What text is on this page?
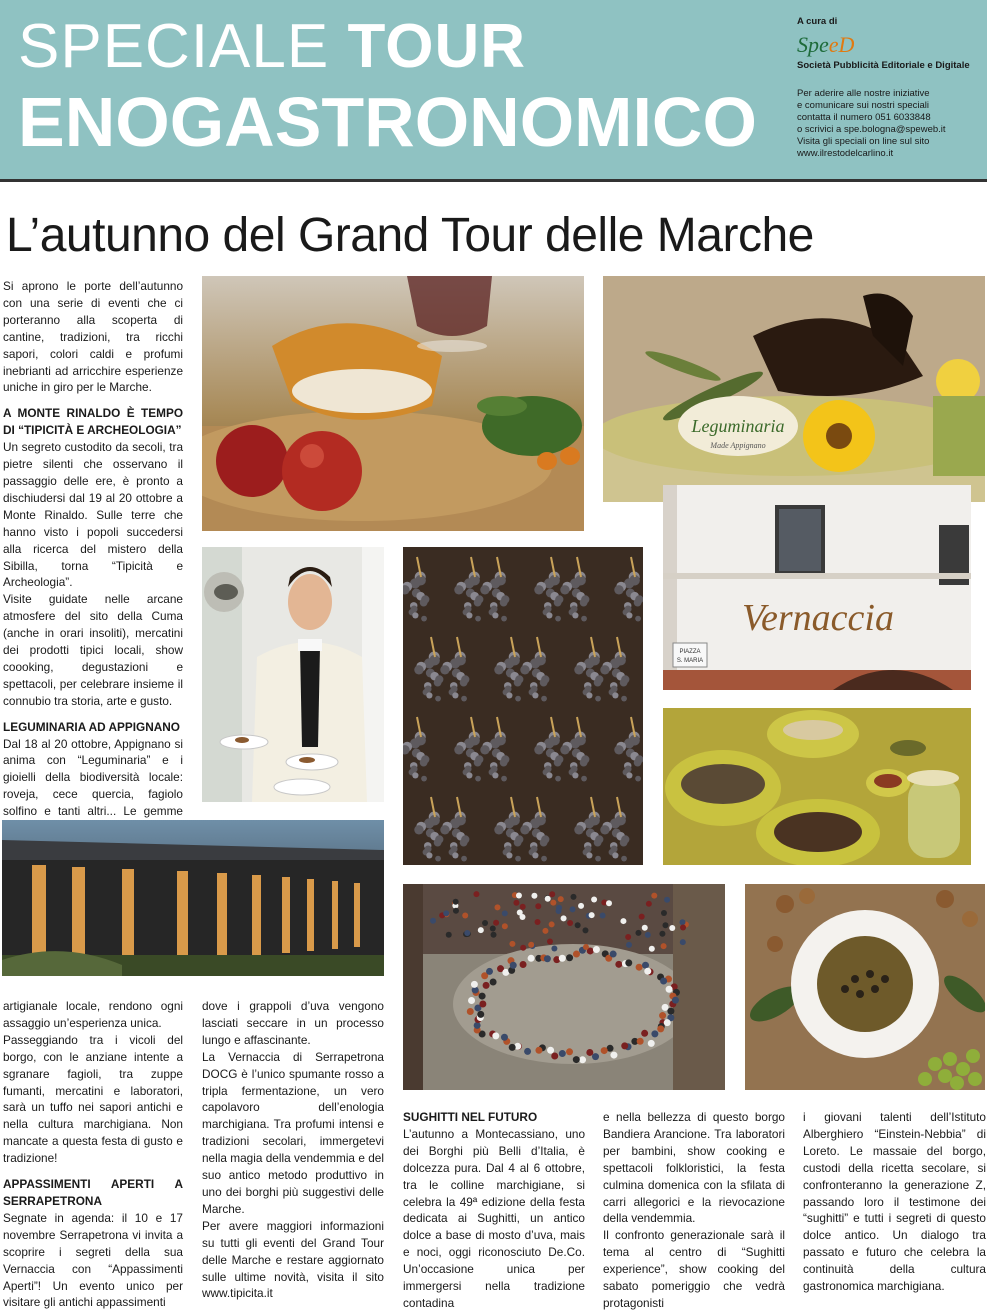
SPECIALE TOUR
ENOGASTRONOMICO
A cura di
SpeeD
Società Pubblicità Editoriale e Digitale
Per aderire alle nostre iniziative
e comunicare sui nostri speciali
contatta il numero 051 6033848
o scrivici a spe.bologna@speweb.it
Visita gli speciali on line sul sito
www.ilrestodelcarlino.it
L’autunno del Grand Tour delle Marche

Si aprono le porte dell’autunno con una serie di eventi che ci porteranno alla scoperta di cantine, tradizioni, tra ricchi sapori, colori caldi e profumi inebrianti ad arricchire esperienze uniche in giro per le Marche.

A MONTE RINALDO È TEMPO DI “TIPICITÀ E ARCHEOLOGIA”

Un segreto custodito da secoli, tra pietre silenti che osservano il passaggio delle ere, è pronto a dischiudersi dal 19 al 20 ottobre a Monte Rinaldo. Sulle terre che hanno visto i popoli succedersi alla ricerca del mistero della Sibilla, torna “Tipicità e Archeologia”.

Visite guidate nelle arcane atmosfere del sito della Cuma (anche in orari insoliti), mercatini dei prodotti tipici locali, show coooking, degustazioni e spettacoli, per celebrare insieme il connubio tra storia, arte e gusto.

LEGUMINARIA AD APPIGNANO

Dal 18 al 20 ottobre, Appignano si anima con “Leguminaria” e i gioielli della biodiversità locale: roveja, cece quercia, fagiolo solfino e tanti altri... Le gemme

artigianale locale, rendono ogni assaggio un’esperienza unica.

Passeggiando tra i vicoli del borgo, con le anziane intente a sgranare fagioli, tra zuppe fumanti, mercatini e laboratori, sarà un tuffo nei sapori antichi e nella cultura marchigiana. Non mancate a questa festa di gusto e tradizione!

APPASSIMENTI APERTI A SERRAPETRONA

Segnate in agenda: il 10 e 17 novembre Serrapetrona vi invita a scoprire i segreti della sua Vernaccia con “Appassimenti Aperti”! Un evento unico per visitare gli antichi appassimenti

dove i grappoli d’uva vengono lasciati seccare in un processo lungo e affascinante.

La Vernaccia di Serrapetrona DOCG è l’unico spumante rosso a tripla fermentazione, un vero capolavoro dell’enologia marchigiana. Tra profumi intensi e tradizioni secolari, immergetevi nella magia della vendemmia e del suo antico metodo produttivo in uno dei borghi più suggestivi delle Marche.

Per avere maggiori informazioni su tutti gli eventi del Grand Tour delle Marche e restare aggiornato sulle ultime novità, visita il sito www.tipicita.it

SUGHITTI NEL FUTURO

L’autunno a Montecassiano, uno dei Borghi più Belli d’Italia, è dolcezza pura. Dal 4 al 6 ottobre, tra le colline marchigiane, si celebra la 49ª edizione della festa dedicata ai Sughitti, un antico dolce a base di mosto d’uva, mais e noci, oggi riconosciuto De.Co. Un’occasione unica per immergersi nella tradizione contadina

e nella bellezza di questo borgo Bandiera Arancione. Tra laboratori per bambini, show cooking e spettacoli folkloristici, la festa culmina domenica con la sfilata di carri allegorici e la rievocazione della vendemmia.

Il confronto generazionale sarà il tema al centro di “Sughitti experience”, show cooking del sabato pomeriggio che vedrà protagonisti

i giovani talenti dell’Istituto Alberghiero “Einstein-Nebbia” di Loreto. Le massaie del borgo, custodi della ricetta secolare, si confronteranno la generazione Z, passando loro il testimone dei “sughitti” e tutti i segreti di questo dolce antico. Un dialogo tra passato e futuro che celebra la continuità della cultura gastronomica marchigiana.

Leguminaria
Made Appignano
Vernaccia
PIAZZA
S. MARIA
